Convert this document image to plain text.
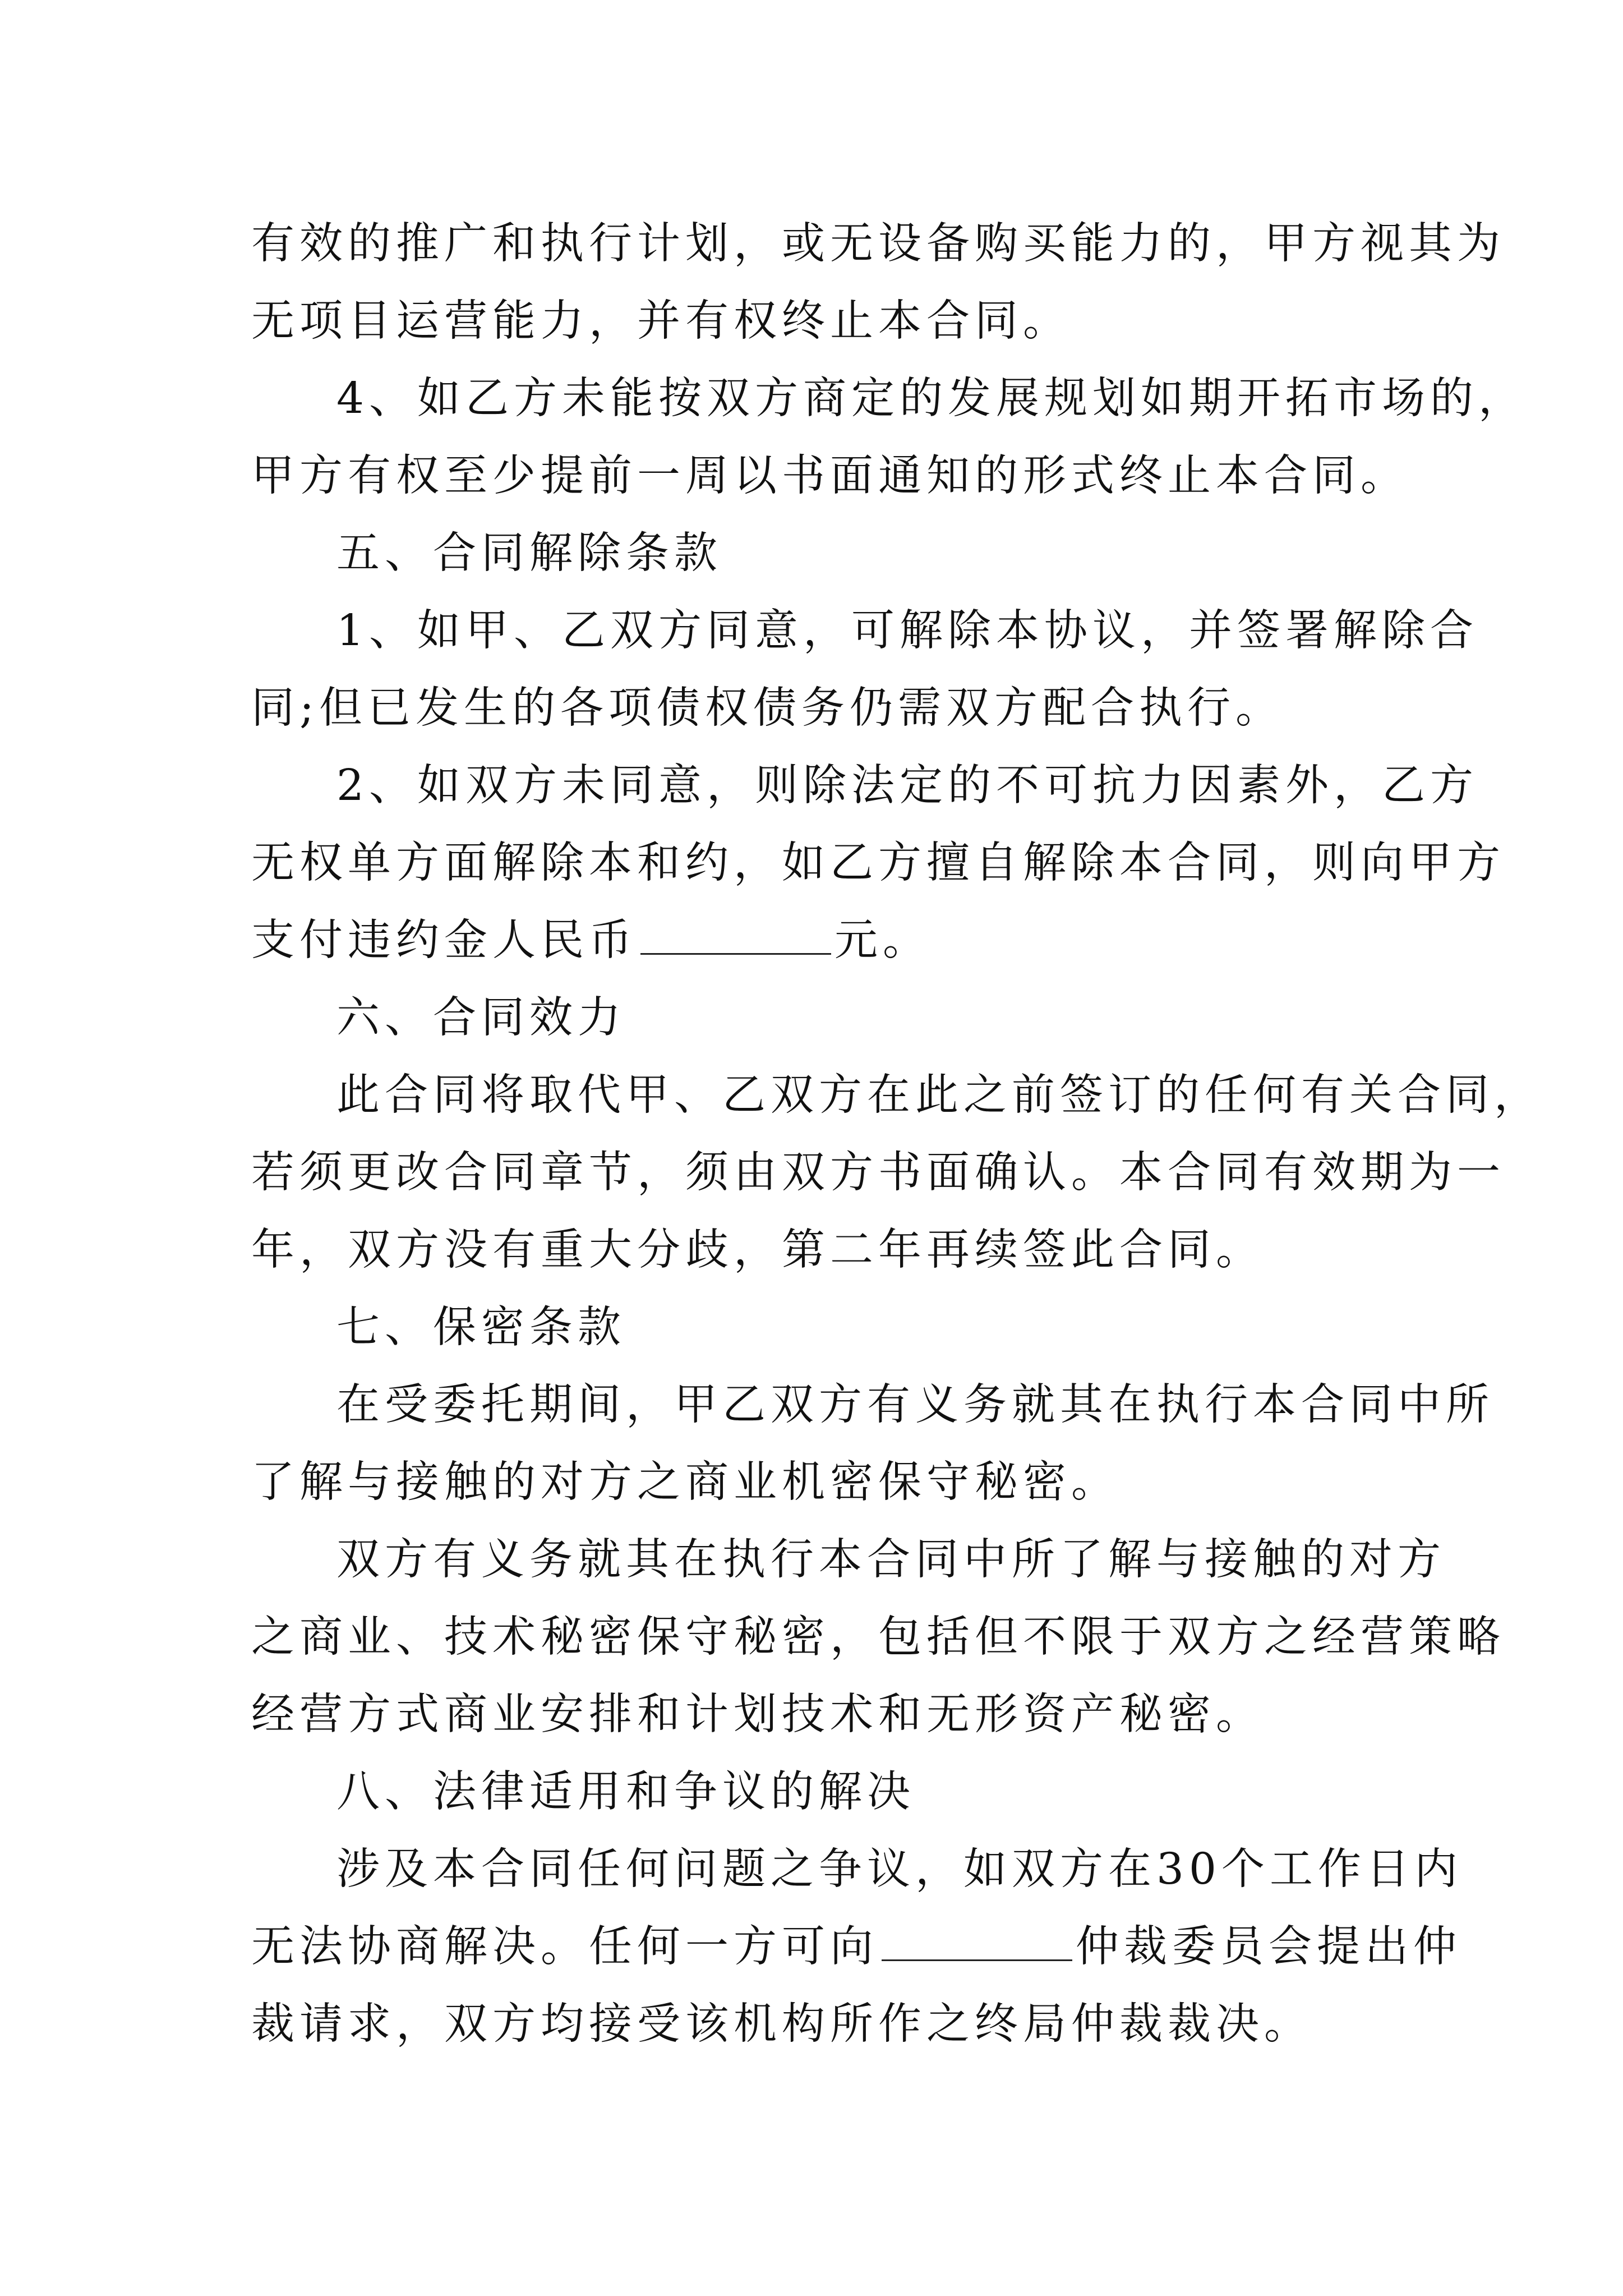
有效的推广和执行计划，或无设备购买能力的，甲方视其为
无项目运营能力，并有权终止本合同。
4、如乙方未能按双方商定的发展规划如期开拓市场的，
甲方有权至少提前一周以书面通知的形式终止本合同。
五、合同解除条款
1、如甲、乙双方同意，可解除本协议，并签署解除合
同;但已发生的各项债权债务仍需双方配合执行。
2、如双方未同意，则除法定的不可抗力因素外，乙方
无权单方面解除本和约，如乙方擅自解除本合同，则向甲方
支付违约金人民币	元。
六、合同效力
此合同将取代甲、乙双方在此之前签订的任何有关合同，
若须更改合同章节，须由双方书面确认。本合同有效期为一
年，双方没有重大分歧，第二年再续签此合同。
七、保密条款
在受委托期间，甲乙双方有义务就其在执行本合同中所
了解与接触的对方之商业机密保守秘密。
双方有义务就其在执行本合同中所了解与接触的对方
之商业、技术秘密保守秘密，包括但不限于双方之经营策略
经营方式商业安排和计划技术和无形资产秘密。
八、法律适用和争议的解决
涉及本合同任何问题之争议，如双方在30个工作日内
无法协商解决。任何一方可向	仲裁委员会提出仲
裁请求，双方均接受该机构所作之终局仲裁裁决。
